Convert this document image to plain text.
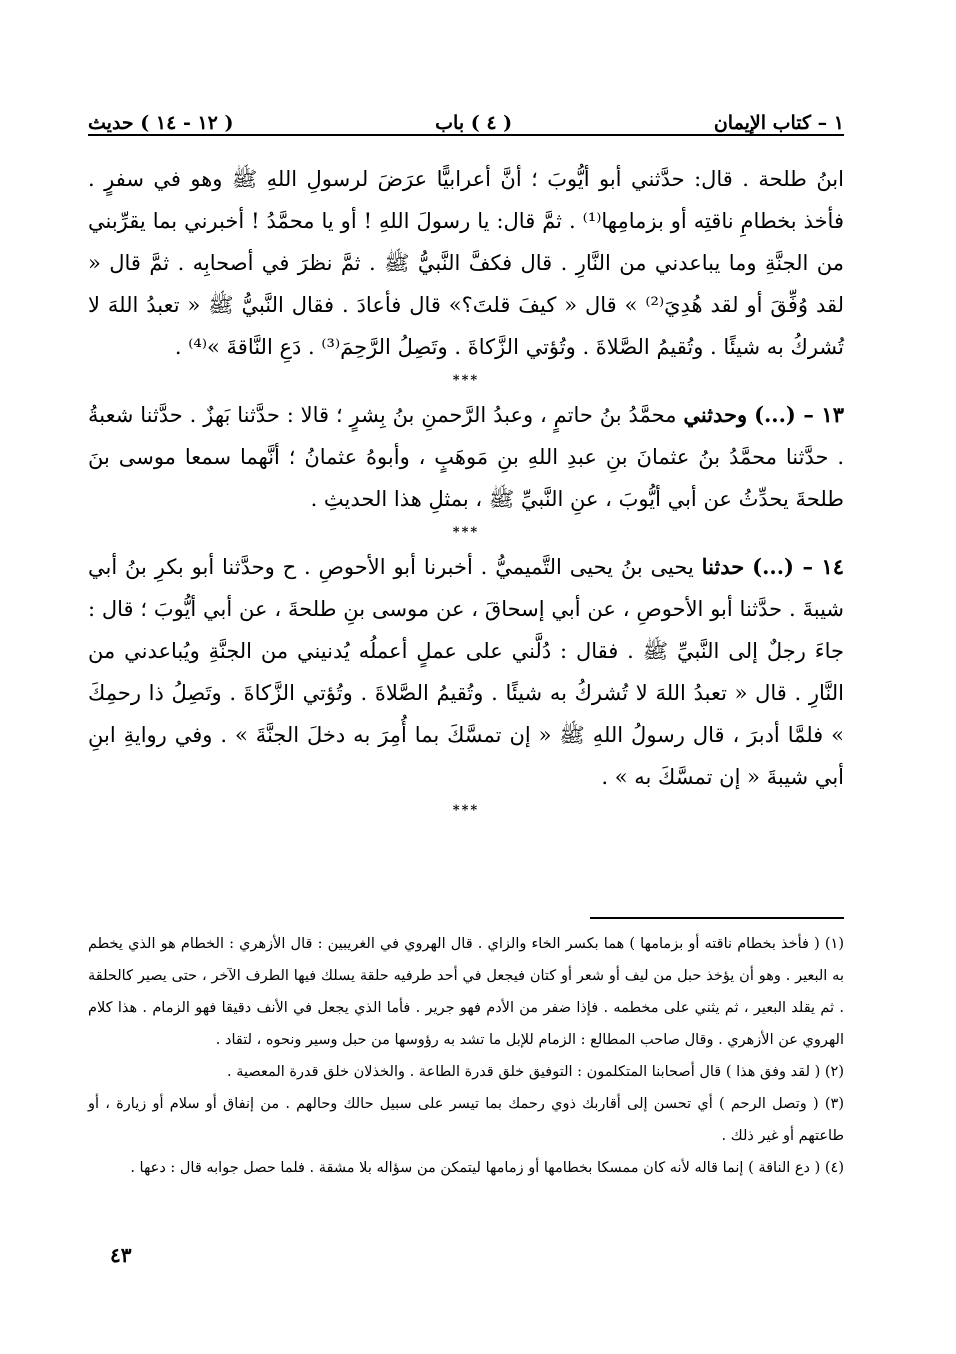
١ – كتاب الإيمان
( ٤ ) باب
( ١٢ - ١٤ ) حديث

ابنُ طلحة . قال: حدَّثني أبو أيُّوبَ ؛ أنَّ أعرابيًّا عرَضَ لرسولِ اللهِ ﷺ وهو في سفرٍ . فأخذ بخطامِ ناقتِه أو بزمامِها⁽¹⁾ . ثمَّ قال: يا رسولَ اللهِ ! أو يا محمَّدُ ! أخبرني بما يقرِّبني من الجنَّةِ وما يباعدني من النَّارِ . قال فكفَّ النَّبيُّ ﷺ . ثمَّ نظرَ في أصحابِه . ثمَّ قال « لقد وُفِّقَ أو لقد هُدِيَ⁽²⁾ » قال « كيفَ قلتَ؟» قال فأعادَ . فقال النَّبيُّ ﷺ « تعبدُ اللهَ لا تُشركُ به شيئًا . وتُقيمُ الصَّلاةَ . وتُؤتي الزَّكاةَ . وتَصِلُ الرَّحِمَ⁽³⁾ . دَعِ النَّاقةَ »⁽⁴⁾ .

***

١٣ – (...) وحدثني محمَّدُ بنُ حاتمٍ ، وعبدُ الرَّحمنِ بنُ بِشرٍ ؛ قالا : حدَّثنا بَهزٌ . حدَّثنا شعبةُ . حدَّثنا محمَّدُ بنُ عثمانَ بنِ عبدِ اللهِ بنِ مَوهَبٍ ، وأبوهُ عثمانُ ؛ أنَّهما سمعا موسى بنَ طلحةَ يحدِّثُ عن أبي أيُّوبَ ، عنِ النَّبيِّ ﷺ ، بمثلِ هذا الحديثِ .

***

١٤ – (...) حدثنا يحيى بنُ يحيى التَّميميُّ . أخبرنا أبو الأحوصِ . ح وحدَّثنا أبو بكرِ بنُ أبي شيبةَ . حدَّثنا أبو الأحوصِ ، عن أبي إسحاقَ ، عن موسى بنِ طلحةَ ، عن أبي أيُّوبَ ؛ قال : جاءَ رجلٌ إلى النَّبيِّ ﷺ . فقال : دُلَّني على عملٍ أعملُه يُدنيني من الجنَّةِ ويُباعدني من النَّارِ . قال « تعبدُ اللهَ لا تُشركُ به شيئًا . وتُقيمُ الصَّلاةَ . وتُؤتي الزَّكاةَ . وتَصِلُ ذا رحمِكَ » فلمَّا أدبرَ ، قال رسولُ اللهِ ﷺ « إن تمسَّكَ بما أُمِرَ به دخلَ الجنَّةَ » . وفي روايةِ ابنِ أبي شيبةَ « إن تمسَّكَ به » .

***

(١) ( فأخذ بخطام ناقته أو بزمامها ) هما بكسر الخاء والزاي . قال الهروي في الغريبين : قال الأزهري : الخطام هو الذي يخطم به البعير . وهو أن يؤخذ حبل من ليف أو شعر أو كتان فيجعل في أحد طرفيه حلقة يسلك فيها الطرف الآخر ، حتى يصير كالحلقة . ثم يقلد البعير ، ثم يثني على مخطمه . فإذا ضفر من الأدم فهو جرير . فأما الذي يجعل في الأنف دقيقا فهو الزمام . هذا كلام الهروي عن الأزهري . وقال صاحب المطالع : الزمام للإبل ما تشد به رؤوسها من حبل وسير ونحوه ، لتقاد .

(٢) ( لقد وفق هذا ) قال أصحابنا المتكلمون : التوفيق خلق قدرة الطاعة . والخذلان خلق قدرة المعصية .

(٣) ( وتصل الرحم ) أي تحسن إلى أقاربك ذوي رحمك بما تيسر على سبيل حالك وحالهم . من إنفاق أو سلام أو زيارة ، أو طاعتهم أو غير ذلك .

(٤) ( دع الناقة ) إنما قاله لأنه كان ممسكا بخطامها أو زمامها ليتمكن من سؤاله بلا مشقة . فلما حصل جوابه قال : دعها .

٤٣
